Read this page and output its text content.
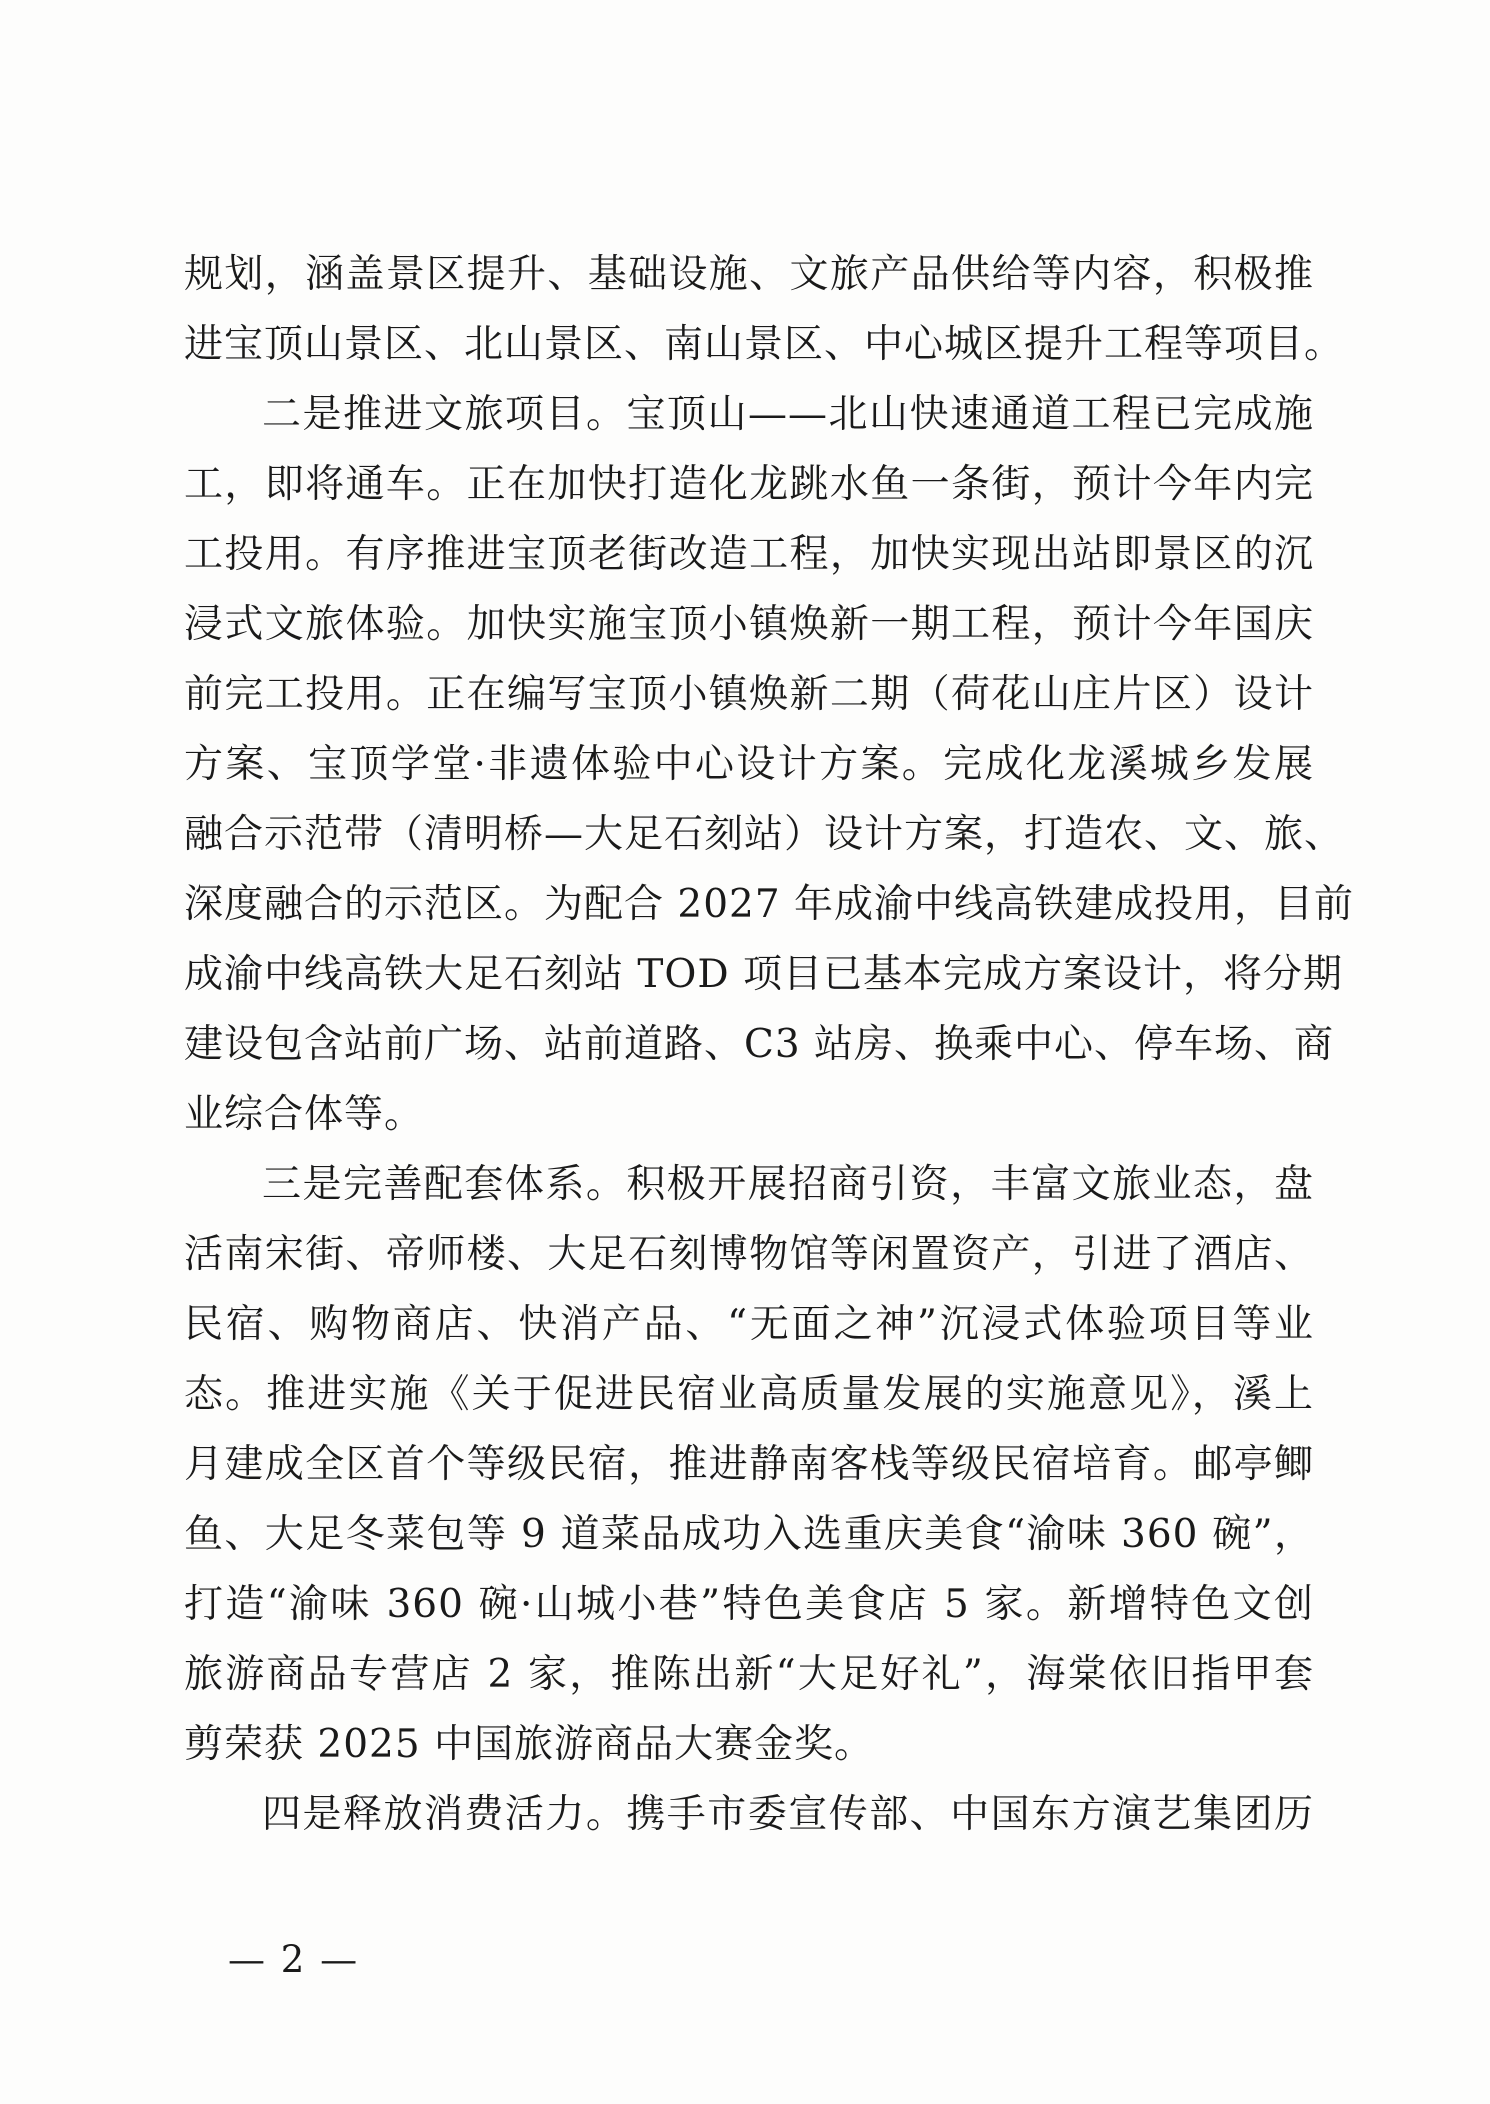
规划，涵盖景区提升、基础设施、文旅产品供给等内容，积极推
进宝顶山景区、北山景区、南山景区、中心城区提升工程等项目。
二是推进文旅项目。宝顶山——北山快速通道工程已完成施
工，即将通车。正在加快打造化龙跳水鱼一条街，预计今年内完
工投用。有序推进宝顶老街改造工程，加快实现出站即景区的沉
浸式文旅体验。加快实施宝顶小镇焕新一期工程，预计今年国庆
前完工投用。正在编写宝顶小镇焕新二期（荷花山庄片区）设计
方案、宝顶学堂·非遗体验中心设计方案。完成化龙溪城乡发展
融合示范带（清明桥—大足石刻站）设计方案，打造农、文、旅、
深度融合的示范区。为配合 2027 年成渝中线高铁建成投用，目前
成渝中线高铁大足石刻站 TOD 项目已基本完成方案设计，将分期
建设包含站前广场、站前道路、C3 站房、换乘中心、停车场、商
业综合体等。
三是完善配套体系。积极开展招商引资，丰富文旅业态，盘
活南宋街、帝师楼、大足石刻博物馆等闲置资产，引进了酒店、
民宿、购物商店、快消产品、“无面之神”沉浸式体验项目等业
态。推进实施《关于促进民宿业高质量发展的实施意见》，溪上
月建成全区首个等级民宿，推进静南客栈等级民宿培育。邮亭鲫
鱼、大足冬菜包等 9 道菜品成功入选重庆美食“渝味 360 碗”，
打造“渝味 360 碗·山城小巷”特色美食店 5 家。新增特色文创
旅游商品专营店 2 家，推陈出新“大足好礼”，海棠依旧指甲套
剪荣获 2025 中国旅游商品大赛金奖。
四是释放消费活力。携手市委宣传部、中国东方演艺集团历
— 2 —
